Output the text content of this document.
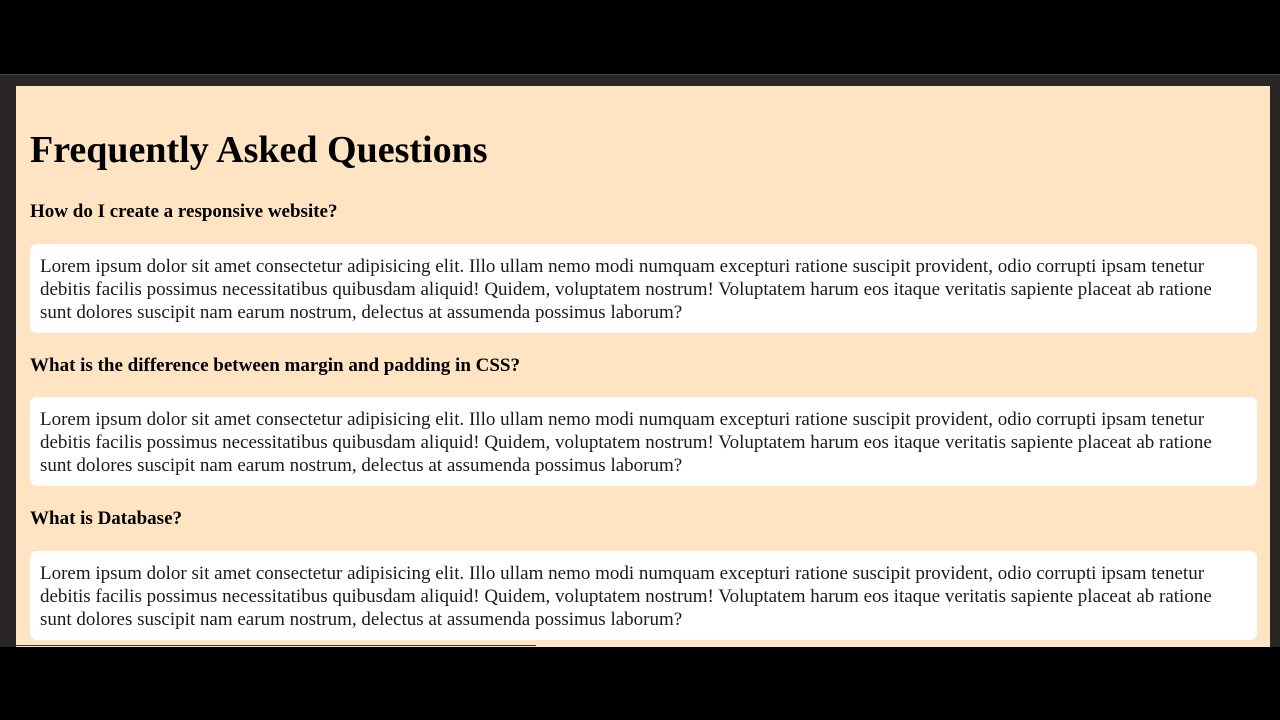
Frequently Asked Questions
How do I create a responsive website?
Lorem ipsum dolor sit amet consectetur adipisicing elit. Illo ullam nemo modi numquam excepturi ratione suscipit provident, odio corrupti ipsam tenetur debitis facilis possimus necessitatibus quibusdam aliquid! Quidem, voluptatem nostrum! Voluptatem harum eos itaque veritatis sapiente placeat ab ratione sunt dolores suscipit nam earum nostrum, delectus at assumenda possimus laborum?
What is the difference between margin and padding in CSS?
Lorem ipsum dolor sit amet consectetur adipisicing elit. Illo ullam nemo modi numquam excepturi ratione suscipit provident, odio corrupti ipsam tenetur debitis facilis possimus necessitatibus quibusdam aliquid! Quidem, voluptatem nostrum! Voluptatem harum eos itaque veritatis sapiente placeat ab ratione sunt dolores suscipit nam earum nostrum, delectus at assumenda possimus laborum?
What is Database?
Lorem ipsum dolor sit amet consectetur adipisicing elit. Illo ullam nemo modi numquam excepturi ratione suscipit provident, odio corrupti ipsam tenetur debitis facilis possimus necessitatibus quibusdam aliquid! Quidem, voluptatem nostrum! Voluptatem harum eos itaque veritatis sapiente placeat ab ratione sunt dolores suscipit nam earum nostrum, delectus at assumenda possimus laborum?
